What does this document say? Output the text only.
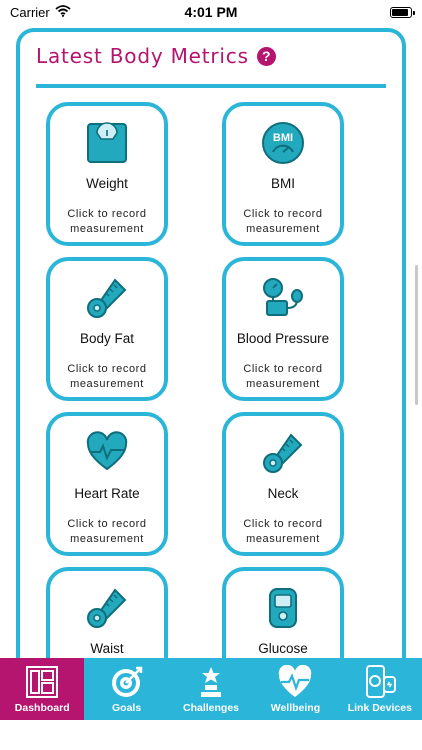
Carrier	4:01 PM
Latest Body Metrics ?
Weight
Click to record measurement
BMI
BMI
Click to record measurement
Body Fat
Click to record measurement
Blood Pressure
Click to record measurement
Heart Rate
Click to record measurement
Neck
Click to record measurement
Waist	Glucose
Dashboard	Goals	Challenges	Wellbeing	Link Devices
